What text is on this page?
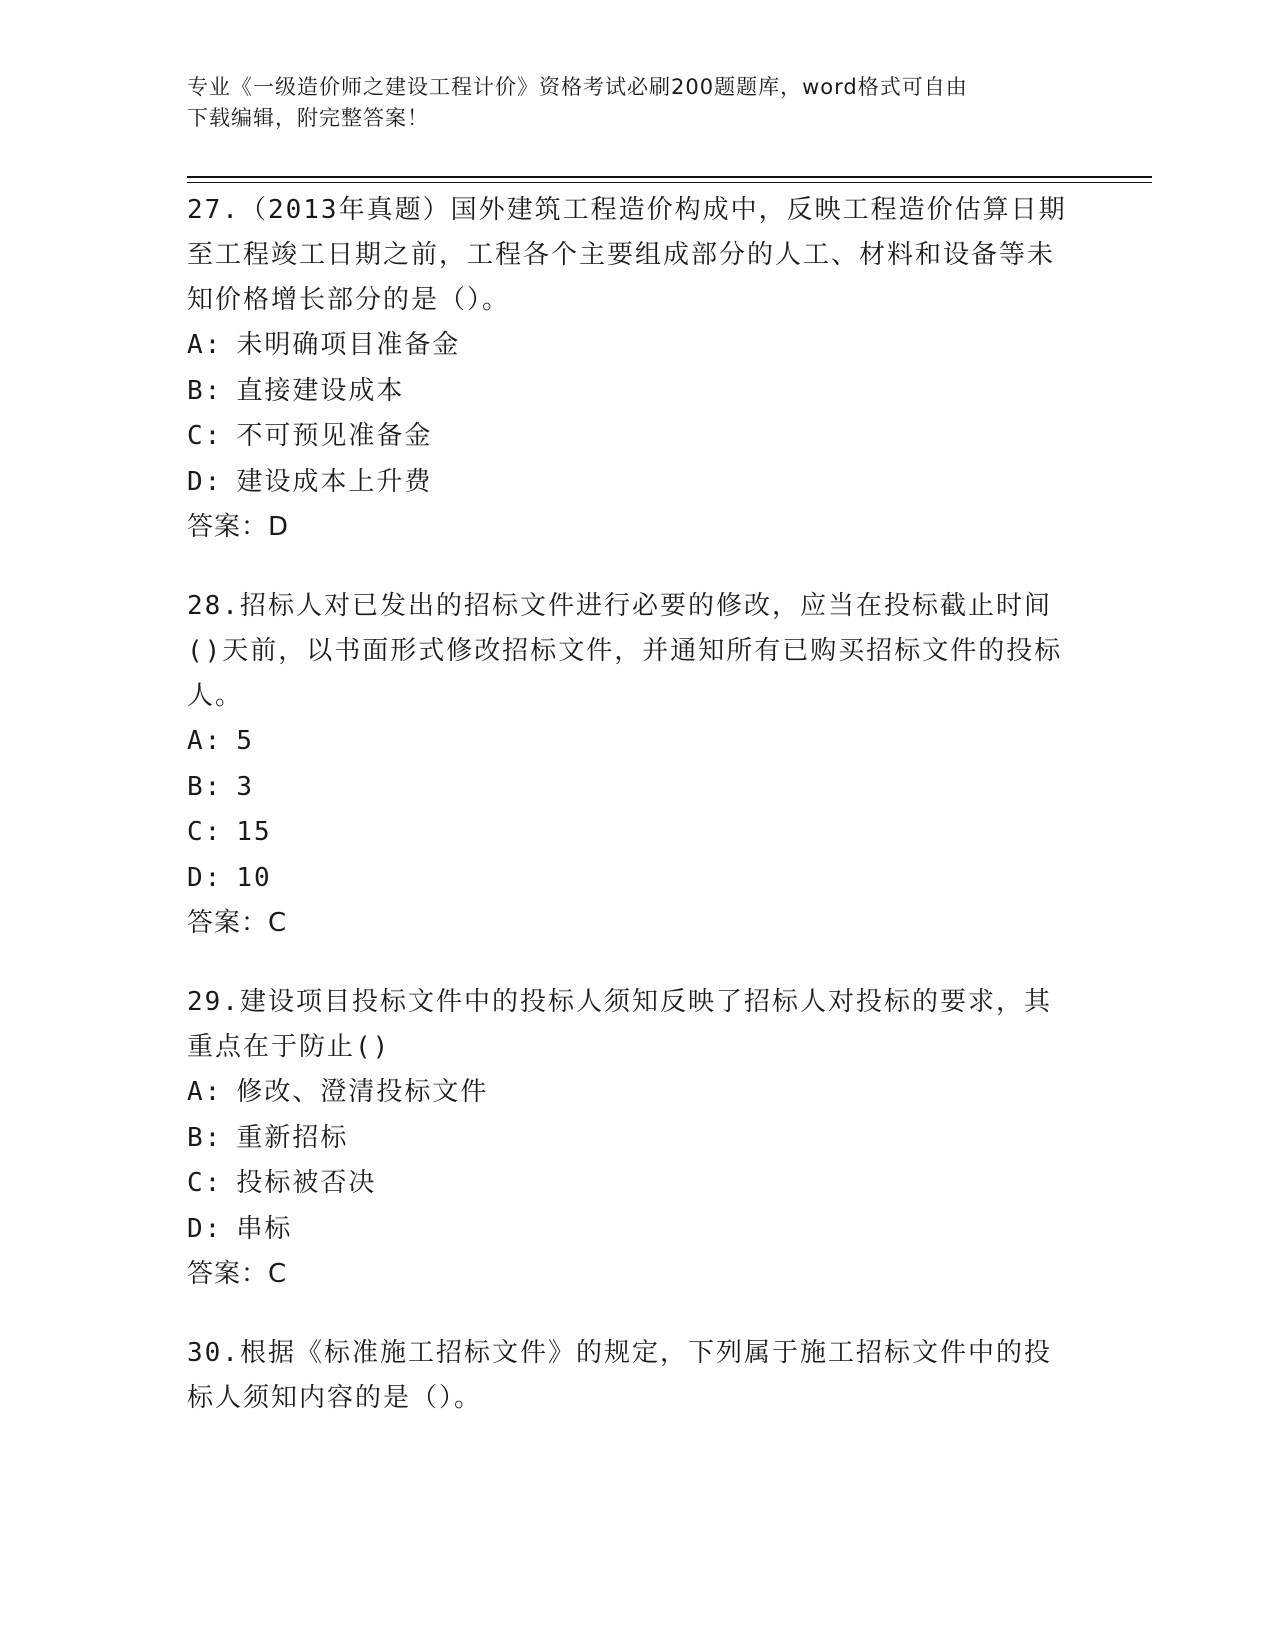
专业《一级造价师之建设工程计价》资格考试必刷200题题库，word格式可自由
下载编辑，附完整答案！
27.（2013年真题）国外建筑工程造价构成中，反映工程造价估算日期至工程竣工日期之前，工程各个主要组成部分的人工、材料和设备等未知价格增长部分的是（）。
A: 未明确项目准备金
B: 直接建设成本
C: 不可预见准备金
D: 建设成本上升费
答案：D
28.招标人对已发出的招标文件进行必要的修改，应当在投标截止时间()天前，以书面形式修改招标文件，并通知所有已购买招标文件的投标人。
A: 5
B: 3
C: 15
D: 10
答案：C
29.建设项目投标文件中的投标人须知反映了招标人对投标的要求，其重点在于防止()
A: 修改、澄清投标文件
B: 重新招标
C: 投标被否决
D: 串标
答案：C
30.根据《标准施工招标文件》的规定，下列属于施工招标文件中的投标人须知内容的是（）。
